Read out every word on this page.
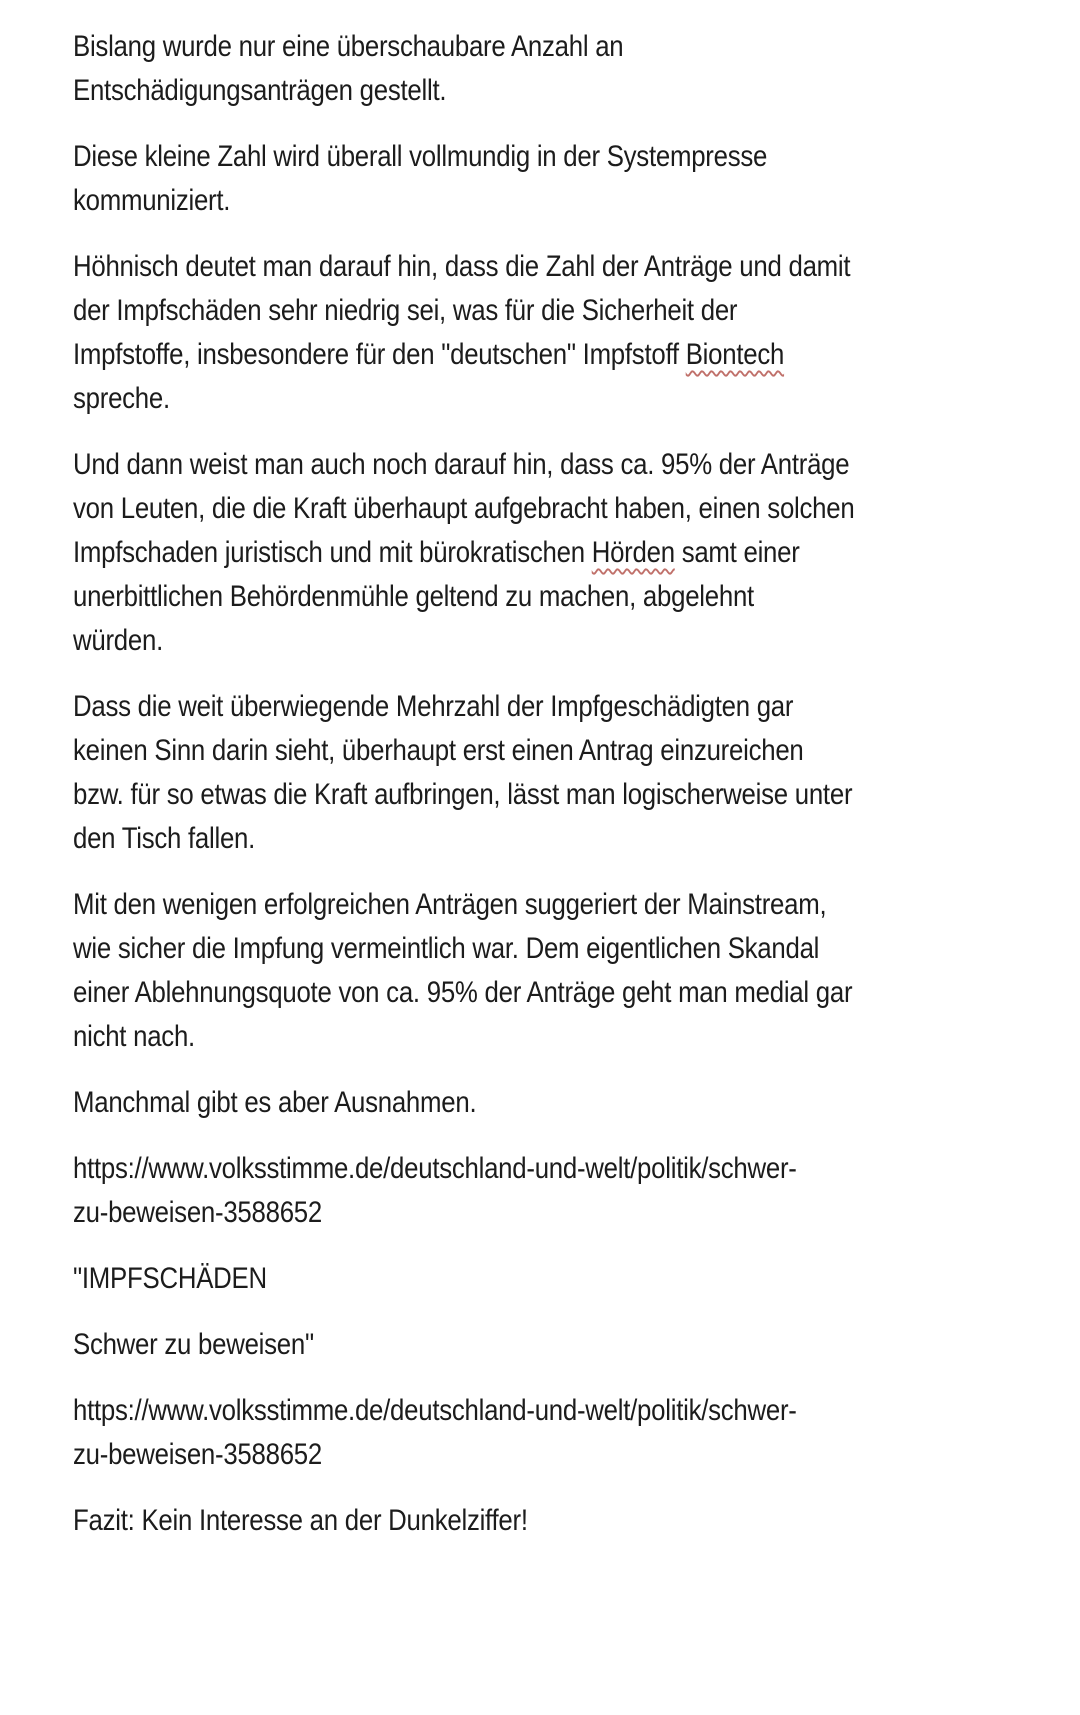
Bislang wurde nur eine überschaubare Anzahl an
Entschädigungsanträgen gestellt.
Diese kleine Zahl wird überall vollmundig in der Systempresse
kommuniziert.
Höhnisch deutet man darauf hin, dass die Zahl der Anträge und damit
der Impfschäden sehr niedrig sei, was für die Sicherheit der
Impfstoffe, insbesondere für den "deutschen" Impfstoff Biontech
spreche.
Und dann weist man auch noch darauf hin, dass ca. 95% der Anträge
von Leuten, die die Kraft überhaupt aufgebracht haben, einen solchen
Impfschaden juristisch und mit bürokratischen Hörden samt einer
unerbittlichen Behördenmühle geltend zu machen, abgelehnt
würden.
Dass die weit überwiegende Mehrzahl der Impfgeschädigten gar
keinen Sinn darin sieht, überhaupt erst einen Antrag einzureichen
bzw. für so etwas die Kraft aufbringen, lässt man logischerweise unter
den Tisch fallen.
Mit den wenigen erfolgreichen Anträgen suggeriert der Mainstream,
wie sicher die Impfung vermeintlich war. Dem eigentlichen Skandal
einer Ablehnungsquote von ca. 95% der Anträge geht man medial gar
nicht nach.
Manchmal gibt es aber Ausnahmen.
https://www.volksstimme.de/deutschland-und-welt/politik/schwer-
zu-beweisen-3588652
"IMPFSCHÄDEN
Schwer zu beweisen"
https://www.volksstimme.de/deutschland-und-welt/politik/schwer-
zu-beweisen-3588652
Fazit: Kein Interesse an der Dunkelziffer!
